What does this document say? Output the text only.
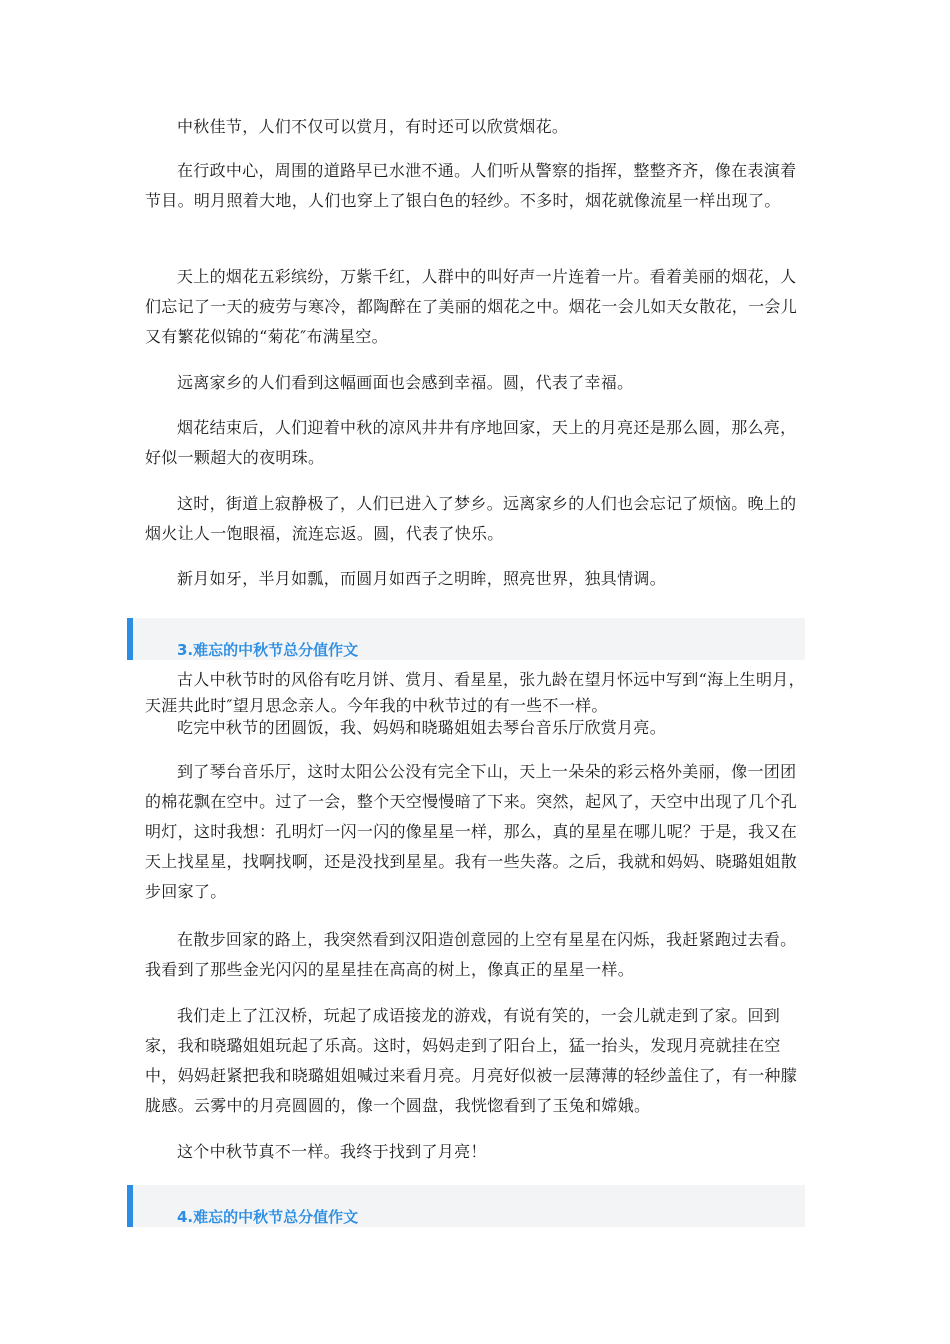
中秋佳节，人们不仅可以赏月，有时还可以欣赏烟花。

在行政中心，周围的道路早已水泄不通。人们听从警察的指挥，整整齐齐，像在表演着节目。明月照着大地，人们也穿上了银白色的轻纱。不多时，烟花就像流星一样出现了。

天上的烟花五彩缤纷，万紫千红，人群中的叫好声一片连着一片。看着美丽的烟花，人们忘记了一天的疲劳与寒冷，都陶醉在了美丽的烟花之中。烟花一会儿如天女散花，一会儿又有繁花似锦的“菊花″布满星空。

远离家乡的人们看到这幅画面也会感到幸福。圆，代表了幸福。

烟花结束后，人们迎着中秋的凉风井井有序地回家，天上的月亮还是那么圆，那么亮，好似一颗超大的夜明珠。

这时，街道上寂静极了，人们已进入了梦乡。远离家乡的人们也会忘记了烦恼。晚上的烟火让人一饱眼福，流连忘返。圆，代表了快乐。

新月如牙，半月如瓢，而圆月如西子之明眸，照亮世界，独具情调。

3.难忘的中秋节总分值作文

古人中秋节时的风俗有吃月饼、赏月、看星星，张九龄在望月怀远中写到“海上生明月，天涯共此时″望月思念亲人。今年我的中秋节过的有一些不一样。

吃完中秋节的团圆饭，我、妈妈和晓璐姐姐去琴台音乐厅欣赏月亮。

到了琴台音乐厅，这时太阳公公没有完全下山，天上一朵朵的彩云格外美丽，像一团团的棉花飘在空中。过了一会，整个天空慢慢暗了下来。突然，起风了，天空中出现了几个孔明灯，这时我想：孔明灯一闪一闪的像星星一样，那么，真的星星在哪儿呢？于是，我又在天上找星星，找啊找啊，还是没找到星星。我有一些失落。之后，我就和妈妈、晓璐姐姐散步回家了。

在散步回家的路上，我突然看到汉阳造创意园的上空有星星在闪烁，我赶紧跑过去看。我看到了那些金光闪闪的星星挂在高高的树上，像真正的星星一样。

我们走上了江汉桥，玩起了成语接龙的游戏，有说有笑的，一会儿就走到了家。回到家，我和晓璐姐姐玩起了乐高。这时，妈妈走到了阳台上，猛一抬头，发现月亮就挂在空中，妈妈赶紧把我和晓璐姐姐喊过来看月亮。月亮好似被一层薄薄的轻纱盖住了，有一种朦胧感。云雾中的月亮圆圆的，像一个圆盘，我恍惚看到了玉兔和嫦娥。

这个中秋节真不一样。我终于找到了月亮！

4.难忘的中秋节总分值作文
